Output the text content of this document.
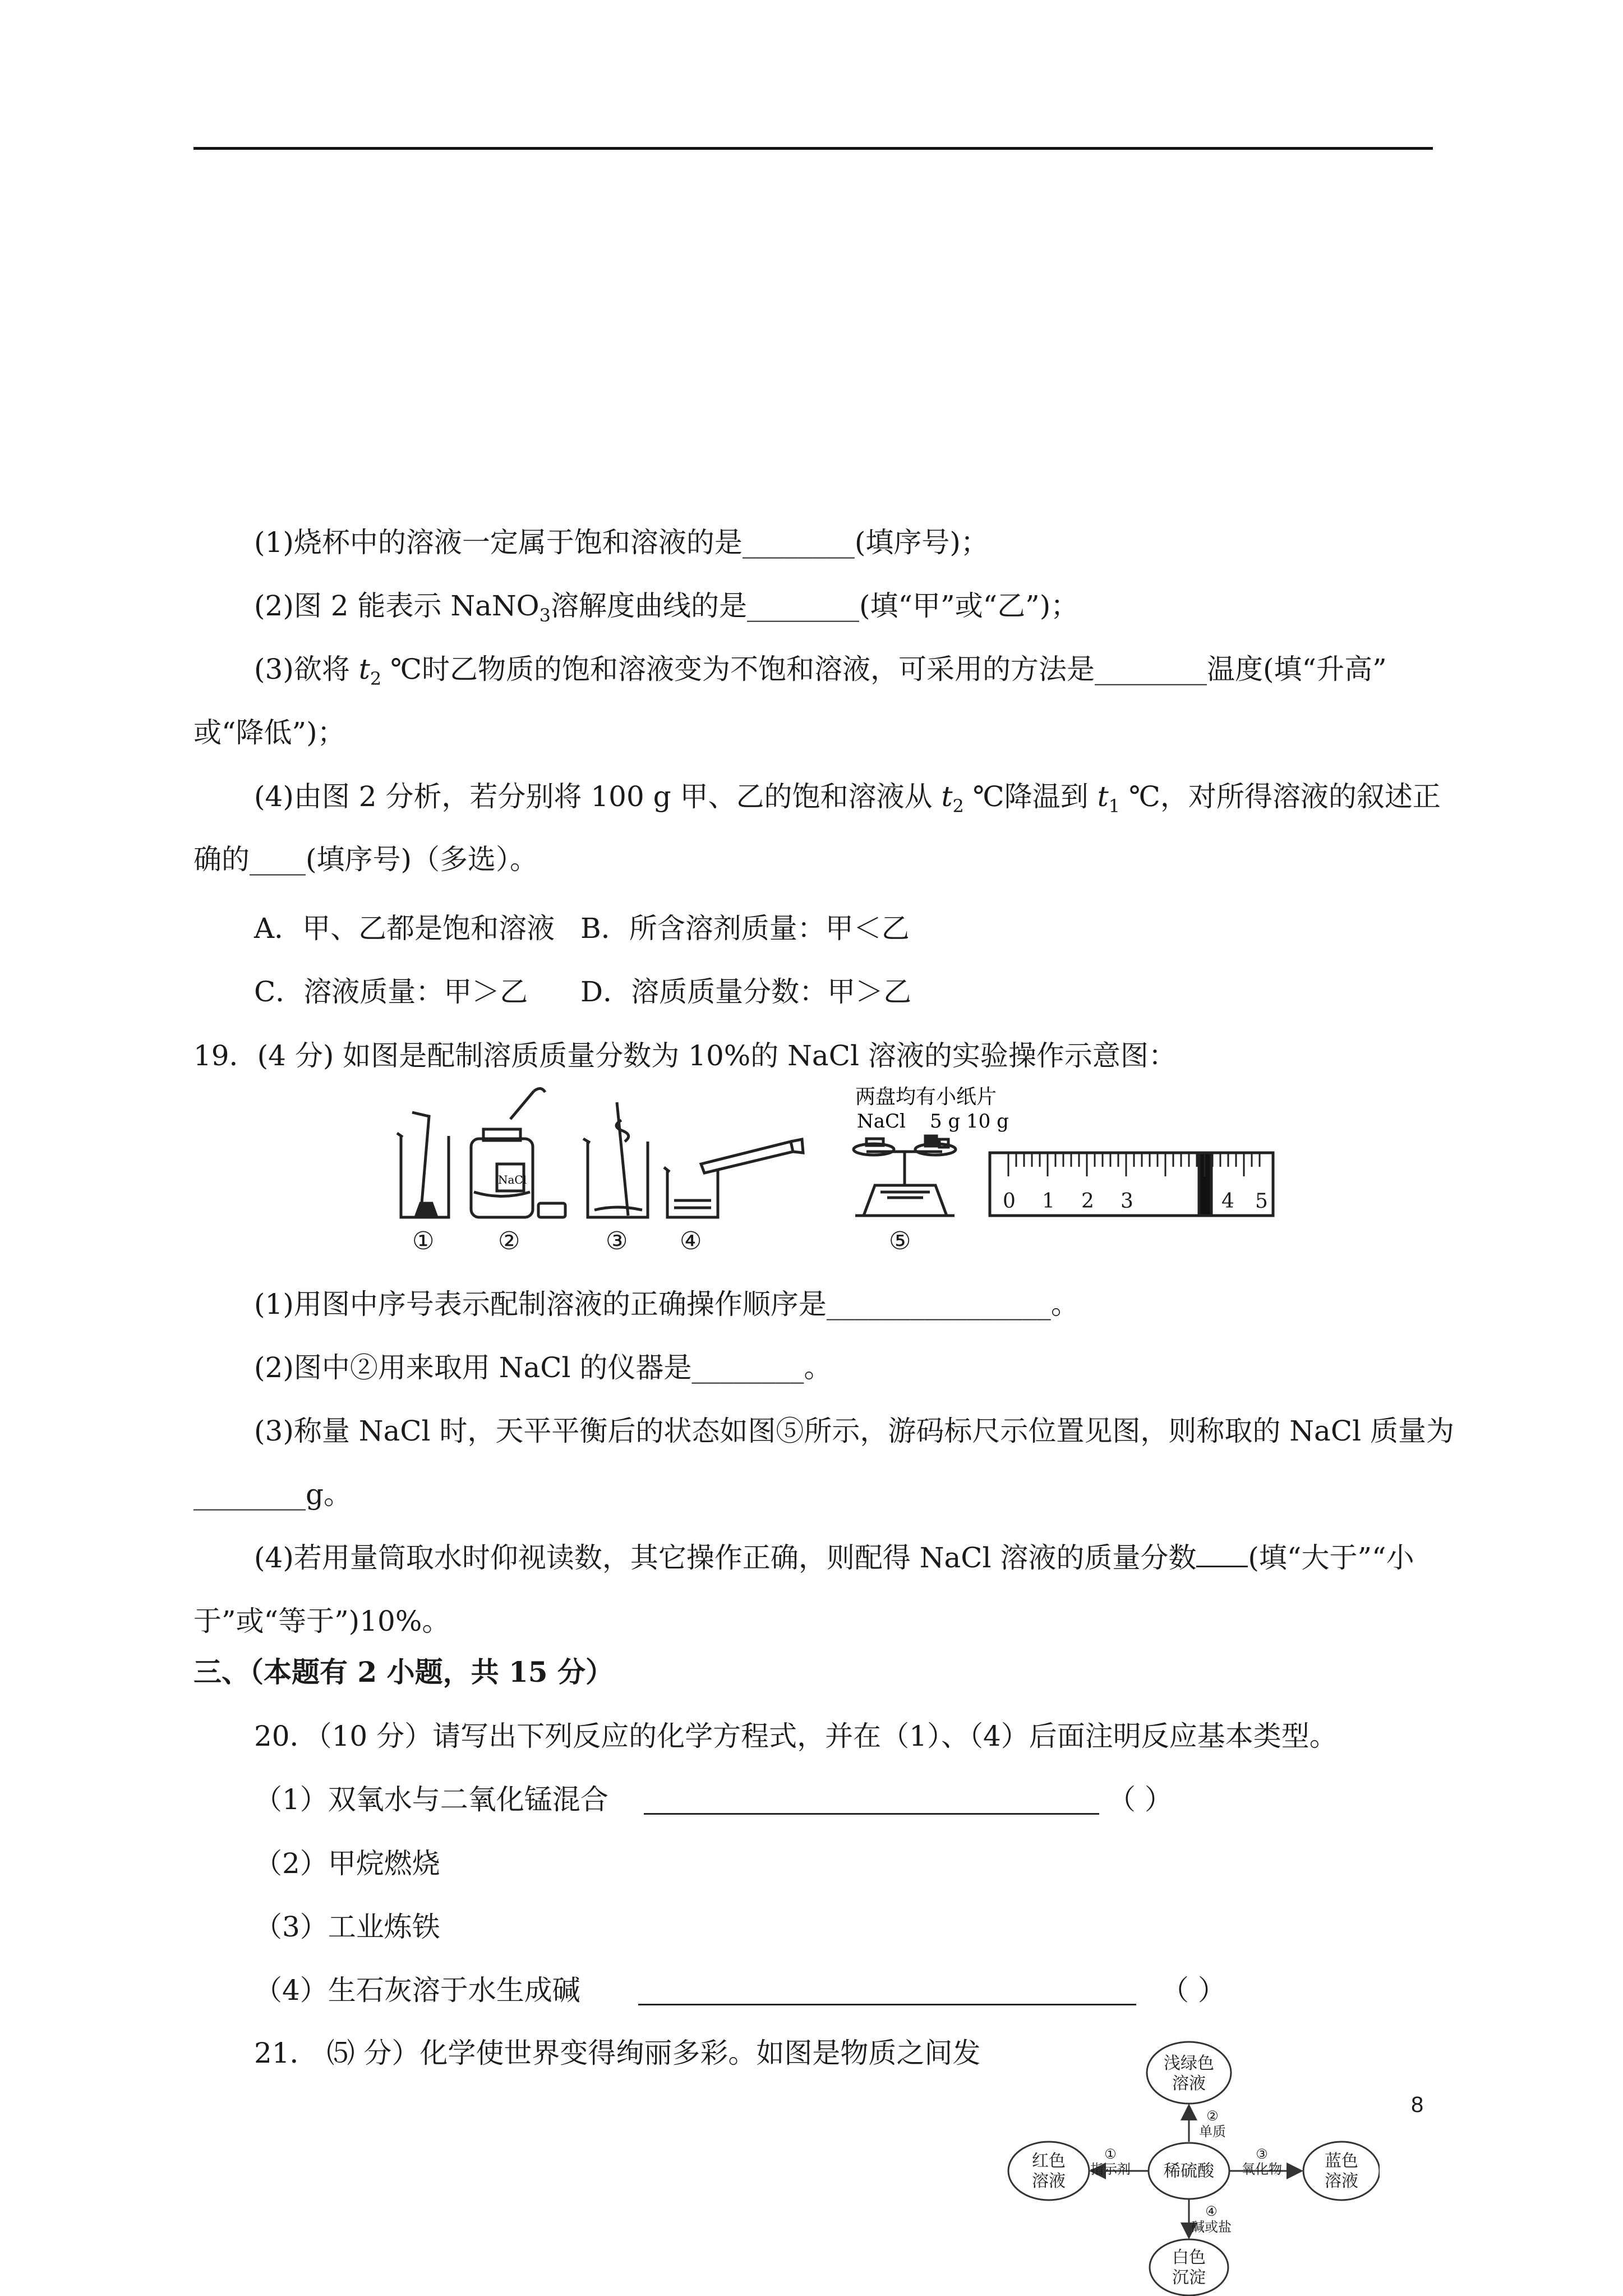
(1)烧杯中的溶液一定属于饱和溶液的是________(填序号)；
(2)图 2 能表示 NaNO$_3$溶解度曲线的是________(填“甲”或“乙”)；
(3)欲将 $t_2$ ℃时乙物质的饱和溶液变为不饱和溶液，可采用的方法是________温度(填“升高”
或“降低”)；
(4)由图 2 分析，若分别将 100 g 甲、乙的饱和溶液从 $t_2$ ℃降温到 $t_1$ ℃，对所得溶液的叙述正
确的____(填序号)（多选）。
A．甲、乙都是饱和溶液 B．所含溶剂质量：甲＜乙
C．溶液质量：甲＞乙 D．溶质质量分数：甲＞乙
19．(4 分) 如图是配制溶质质量分数为 10%的 NaCl 溶液的实验操作示意图：
①	②	③ ④	⑤
两盘均有小纸片
NaCl 5 g 10 g
NaCl
0 1 2 3	4 5
(1)用图中序号表示配制溶液的正确操作顺序是________________。
(2)图中②用来取用 NaCl 的仪器是________。
(3)称量 NaCl 时，天平平衡后的状态如图⑤所示，游码标尺示位置见图，则称取的 NaCl 质量为
________g。
(4)若用量筒取水时仰视读数，其它操作正确，则配得 NaCl 溶液的质量分数 (填“大于”“小
于”或“等于”)10%。
三、（本题有 2 小题，共 15 分）
20．（10 分）请写出下列反应的化学方程式，并在（1）、（4）后面注明反应基本类型。
（1）双氧水与二氧化锰混合	（ ）
（2）甲烷燃烧
（3）工业炼铁
（4）生石灰溶于水生成碱	（ ）
21． ⑸ 分）化学使世界变得绚丽多彩。如图是物质之间发	浅绿色
溶液
红色
溶液
稀硫酸
蓝色
溶液
白色
沉淀
①
指示剂
②
单质
③
氧化物
④
碱或盐
8
